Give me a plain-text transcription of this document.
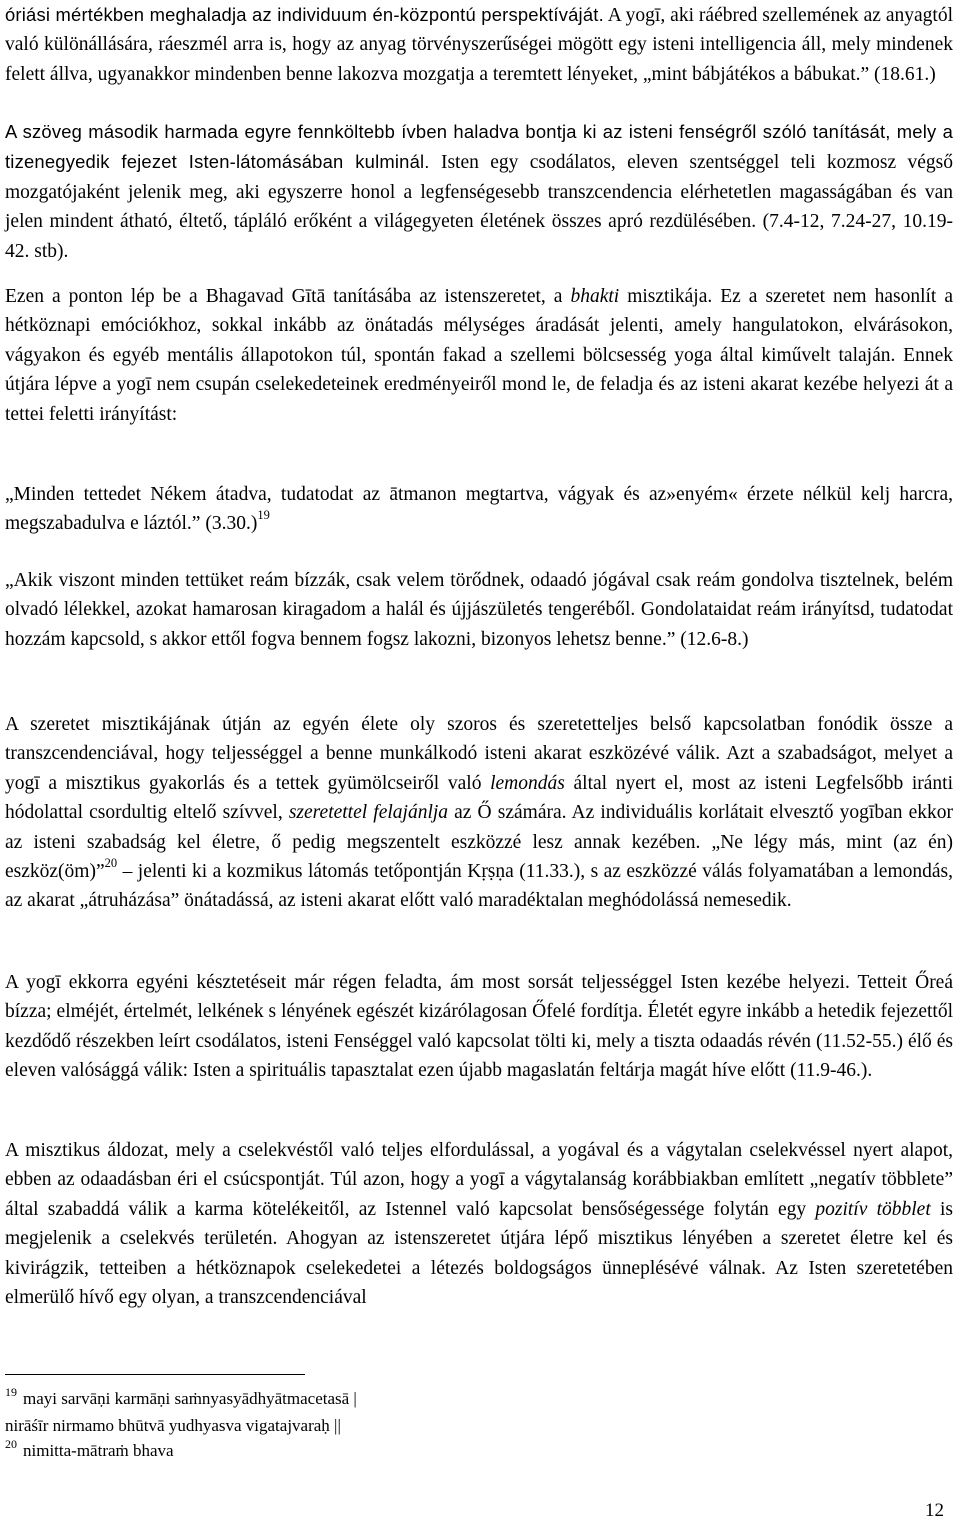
óriási mértékben meghaladja az individuum én-központú perspektíváját. A yogī, aki ráébred szellemének az anyagtól való különállására, ráeszmél arra is, hogy az anyag törvényszerűségei mögött egy isteni intelligencia áll, mely mindenek felett állva, ugyanakkor mindenben benne lakozva mozgatja a teremtett lényeket, „mint bábjátékos a bábukat.” (18.61.)
A szöveg második harmada egyre fennköltebb ívben haladva bontja ki az isteni fenségről szóló tanítását, mely a tizenegyedik fejezet Isten-látomásában kulminál. Isten egy csodálatos, eleven szentséggel teli kozmosz végső mozgatójaként jelenik meg, aki egyszerre honol a legfenségesebb transzcendencia elérhetetlen magasságában és van jelen mindent átható, éltető, tápláló erőként a világegyeten életének összes apró rezdülésében. (7.4-12, 7.24-27, 10.19-42. stb).
Ezen a ponton lép be a Bhagavad Gītā tanításába az istenszeretet, a bhakti misztikája. Ez a szeretet nem hasonlít a hétköznapi emóciókhoz, sokkal inkább az önátadás mélységes áradását jelenti, amely hangulatokon, elvárásokon, vágyakon és egyéb mentális állapotokon túl, spontán fakad a szellemi bölcsesség yoga által kiművelt talaján. Ennek útjára lépve a yogī nem csupán cselekedeteinek eredményeiről mond le, de feladja és az isteni akarat kezébe helyezi át a tettei feletti irányítást:
„Minden tettedet Nékem átadva, tudatodat az ātmanon megtartva, vágyak és az»enyém« érzete nélkül kelj harcra, megszabadulva e láztól.” $(3.30.)^{19}$
„Akik viszont minden tettüket reám bízzák, csak velem törődnek, odaadó jógával csak reám gondolva tisztelnek, belém olvadó lélekkel, azokat hamarosan kiragadom a halál és újjászületés tengeréből. Gondolataidat reám irányítsd, tudatodat hozzám kapcsold, s akkor ettől fogva bennem fogsz lakozni, bizonyos lehetsz benne.” (12.6-8.)
A szeretet misztikájának útján az egyén élete oly szoros és szeretetteljes belső kapcsolatban fonódik össze a transzcendenciával, hogy teljességgel a benne munkálkodó isteni akarat eszközévé válik. Azt a szabadságot, melyet a yogī a misztikus gyakorlás és a tettek gyümölcseiről való lemondás által nyert el, most az isteni Legfelsőbb iránti hódolattal csordultig ​eltelő szívvel, szeretettel felajánlja az Ő számára. Az individuális korlátait elvesztő yogīban ekkor az isteni szabadság kel életre, ő pedig megszentelt eszközzé lesz annak kezében. „Ne légy más, mint (az én) eszköz(öm)”$^{20}$ – jelenti ki a kozmikus látomás tetőpontján Kṛṣṇa (11.33.), s az eszközzé válás folyamatában a lemondás, az akarat „átruházása” önátadássá, az isteni akarat előtt való maradéktalan meghódolássá nemesedik.
A yogī ekkorra egyéni késztetéseit már régen feladta, ám most sorsát teljességgel Isten kezébe helyezi. Tetteit Őreá bízza; elméjét, értelmét, lelkének s lényének egészét kizárólagosan Őfelé fordítja. Életét egyre inkább a hetedik fejezettől kezdődő részekben leírt csodálatos, isteni Fenséggel való kapcsolat tölti ki, mely a tiszta odaadás révén (11.52-55.) élő és eleven valósággá válik: Isten a spirituális tapasztalat ezen újabb magaslatán feltárja magát híve előtt (11.9-46.).
A misztikus áldozat, mely a cselekvéstől való teljes elfordulással, a yogával és a vágytalan cselekvéssel nyert alapot, ebben az odaadásban éri el csúcspontját. Túl azon, hogy a yogī a vágytalanság korábbiakban említett „negatív többlete” által szabaddá válik a karma kötelékeitől, az Istennel való kapcsolat bensőségessége folytán egy pozitív többlet is megjelenik a cselekvés területén. Ahogyan az istenszeretet útjára lépő misztikus lényében a szeretet életre kel és kivirágzik, tetteiben a hétköznapok cselekedetei a létezés boldogságos ünneplésévé válnak. Az Isten szeretetében elmerülő hívő egy olyan, a transzcendenciával
$^{19}$ mayi sarvāṇi karmāṇi saṁnyasyādhyātmacetasā |
nirāśīr nirmamo bhūtvā yudhyasva vigatajvaraḥ ||
$^{20}$ nimitta-mātraṁ bhava
12
